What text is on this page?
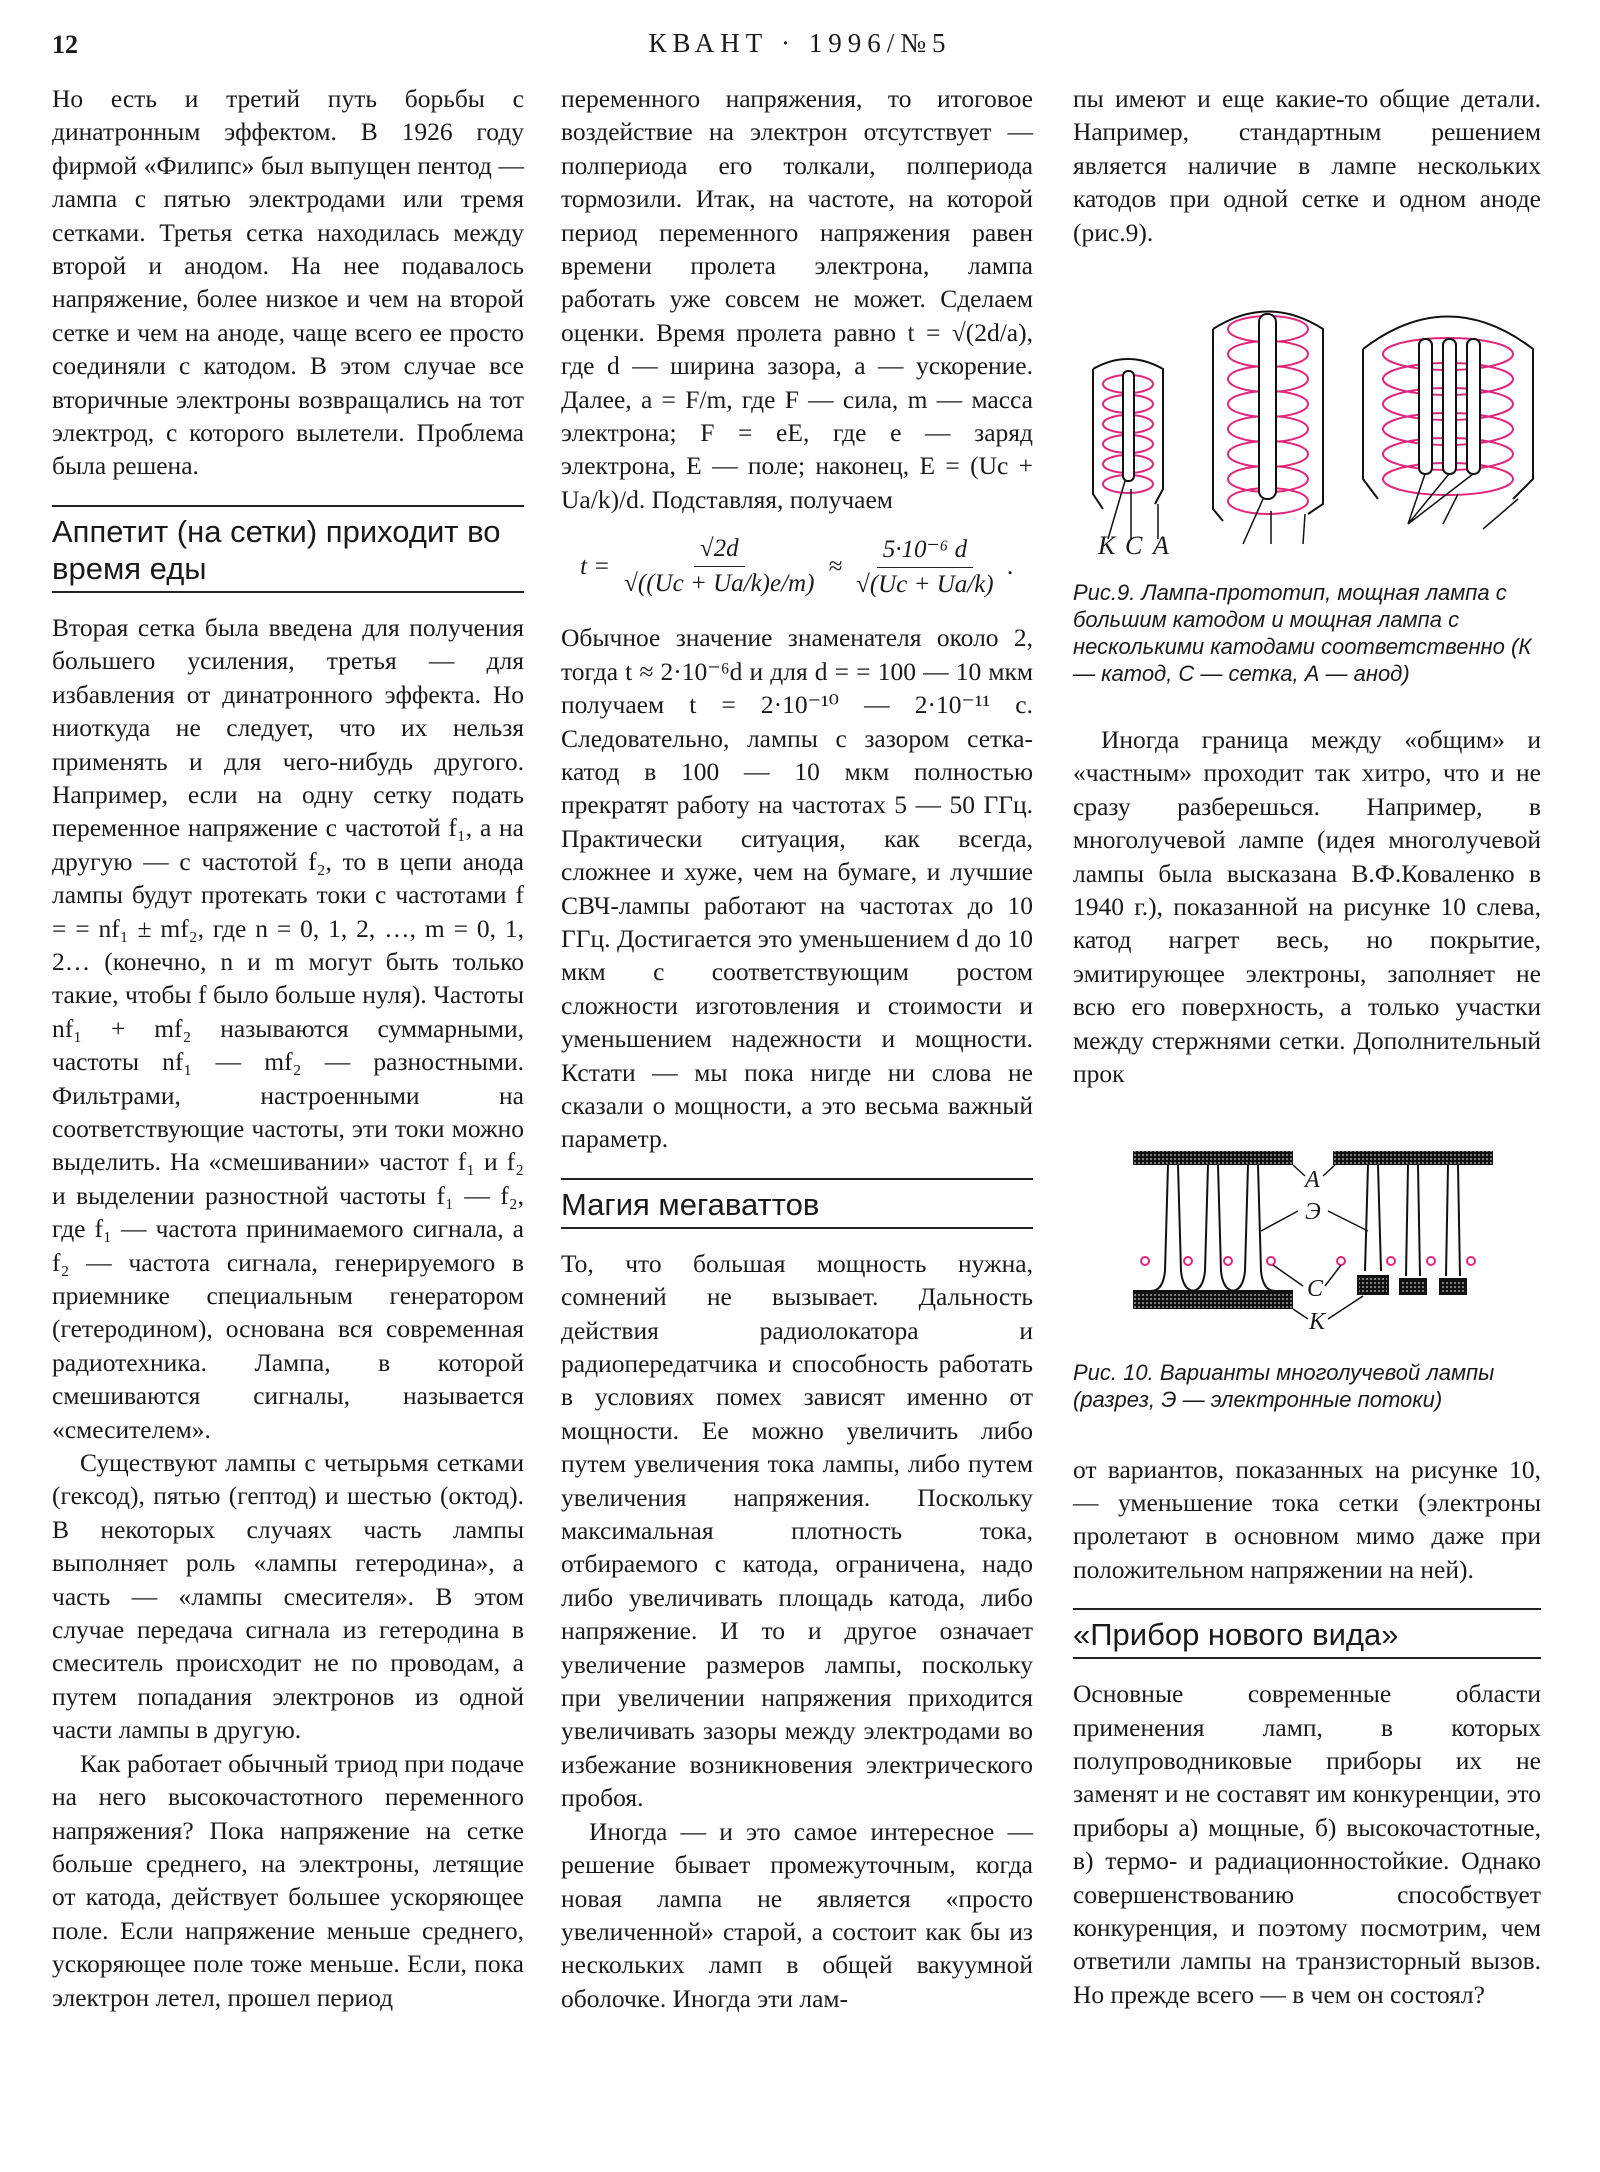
12	КВАНТ · 1996/№5

Но есть и третий путь борьбы с динатронным эффектом. В 1926 году фирмой «Филипс» был выпущен пентод — лампа с пятью электродами или тремя сетками. Третья сетка находилась между второй и анодом. На нее подавалось напряжение, более низкое и чем на второй сетке и чем на аноде, чаще всего ее просто соединяли с катодом. В этом случае все вторичные электроны возвращались на тот электрод, с которого вылетели. Проблема была решена.

Аппетит (на сетки) приходит во время еды

Вторая сетка была введена для получения большего усиления, третья — для избавления от динатронного эффекта. Но ниоткуда не следует, что их нельзя применять и для чего-нибудь другого. Например, если на одну сетку подать переменное напряжение с частотой f₁, а на другую — с частотой f₂, то в цепи анода лампы будут протекать токи с частотами f = = nf₁ ± mf₂, где n = 0, 1, 2, …, m = 0, 1, 2… (конечно, n и m могут быть только такие, чтобы f было больше нуля). Частоты nf₁ + mf₂ называются суммарными, частоты nf₁ — mf₂ — разностными. Фильтрами, настроенными на соответствующие частоты, эти токи можно выделить. На «смешивании» частот f₁ и f₂ и выделении разностной частоты f₁ — f₂, где f₁ — частота принимаемого сигнала, а f₂ — частота сигнала, генерируемого в приемнике специальным генератором (гетеродином), основана вся современная радиотехника. Лампа, в которой смешиваются сигналы, называется «смесителем».

Существуют лампы с четырьмя сетками (гексод), пятью (гептод) и шестью (октод). В некоторых случаях часть лампы выполняет роль «лампы гетеродина», а часть — «лампы смесителя». В этом случае передача сигнала из гетеродина в смеситель происходит не по проводам, а путем попадания электронов из одной части лампы в другую.

Как работает обычный триод при подаче на него высокочастотного переменного напряжения? Пока напряжение на сетке больше среднего, на электроны, летящие от катода, действует большее ускоряющее поле. Если напряжение меньше среднего, ускоряющее поле тоже меньше. Если, пока электрон летел, прошел период

переменного напряжения, то итоговое воздействие на электрон отсутствует — полпериода его толкали, полпериода тормозили. Итак, на частоте, на которой период переменного напряжения равен времени пролета электрона, лампа работать уже совсем не может. Сделаем оценки. Время пролета равно t = √(2d/a), где d — ширина зазора, a — ускорение. Далее, a = F/m, где F — сила, m — масса электрона; F = eE, где e — заряд электрона, E — поле; наконец, E = (Uс + Uа/k)/d. Подставляя, получаем

$t = \frac{√2d}{√((Uс + Uа/k)e/m)} \approx \frac{\text{5·10⁻⁶ d}}{√(Uс + Uа/k)}$ .

Обычное значение знаменателя около 2, тогда t ≈ 2·10⁻⁶d и для d = = 100 — 10 мкм получаем t = 2·10⁻¹⁰ — 2·10⁻¹¹ с. Следовательно, лампы с зазором сетка-катод в 100 — 10 мкм полностью прекратят работу на частотах 5 — 50 ГГц. Практически ситуация, как всегда, сложнее и хуже, чем на бумаге, и лучшие СВЧ-лампы работают на частотах до 10 ГГц. Достигается это уменьшением d до 10 мкм с соответствующим ростом сложности изготовления и стоимости и уменьшением надежности и мощности. Кстати — мы пока нигде ни слова не сказали о мощности, а это весьма важный параметр.

Магия мегаваттов

То, что большая мощность нужна, сомнений не вызывает. Дальность действия радиолокатора и радиопередатчика и способность работать в условиях помех зависят именно от мощности. Ее можно увеличить либо путем увеличения тока лампы, либо путем увеличения напряжения. Поскольку максимальная плотность тока, отбираемого с катода, ограничена, надо либо увеличивать площадь катода, либо напряжение. И то и другое означает увеличение размеров лампы, поскольку при увеличении напряжения приходится увеличивать зазоры между электродами во избежание возникновения электрического пробоя.

Иногда — и это самое интересное — решение бывает промежуточным, когда новая лампа не является «просто увеличенной» старой, а состоит как бы из нескольких ламп в общей вакуумной оболочке. Иногда эти лам-

пы имеют и еще какие-то общие детали. Например, стандартным решением является наличие в лампе нескольких катодов при одной сетке и одном аноде (рис.9).

К С А
Рис.9. Лампа-прототип, мощная лампа с большим катодом и мощная лампа с несколькими катодами соответственно (К — катод, С — сетка, А — анод)

Иногда граница между «общим» и «частным» проходит так хитро, что и не сразу разберешься. Например, в многолучевой лампе (идея многолучевой лампы была высказана В.Ф.Коваленко в 1940 г.), показанной на рисунке 10 слева, катод нагрет весь, но покрытие, эмитирующее электроны, заполняет не всю его поверхность, а только участки между стержнями сетки. Дополнительный прок

А
Э
С
К
Рис. 10. Варианты многолучевой лампы (разрез, Э — электронные потоки)

от вариантов, показанных на рисунке 10, — уменьшение тока сетки (электроны пролетают в основном мимо даже при положительном напряжении на ней).

«Прибор нового вида»

Основные современные области применения ламп, в которых полупроводниковые приборы их не заменят и не составят им конкуренции, это приборы а) мощные, б) высокочастотные, в) термо- и радиационностойкие. Однако совершенствованию способствует конкуренция, и поэтому посмотрим, чем ответили лампы на транзисторный вызов. Но прежде всего — в чем он состоял?
